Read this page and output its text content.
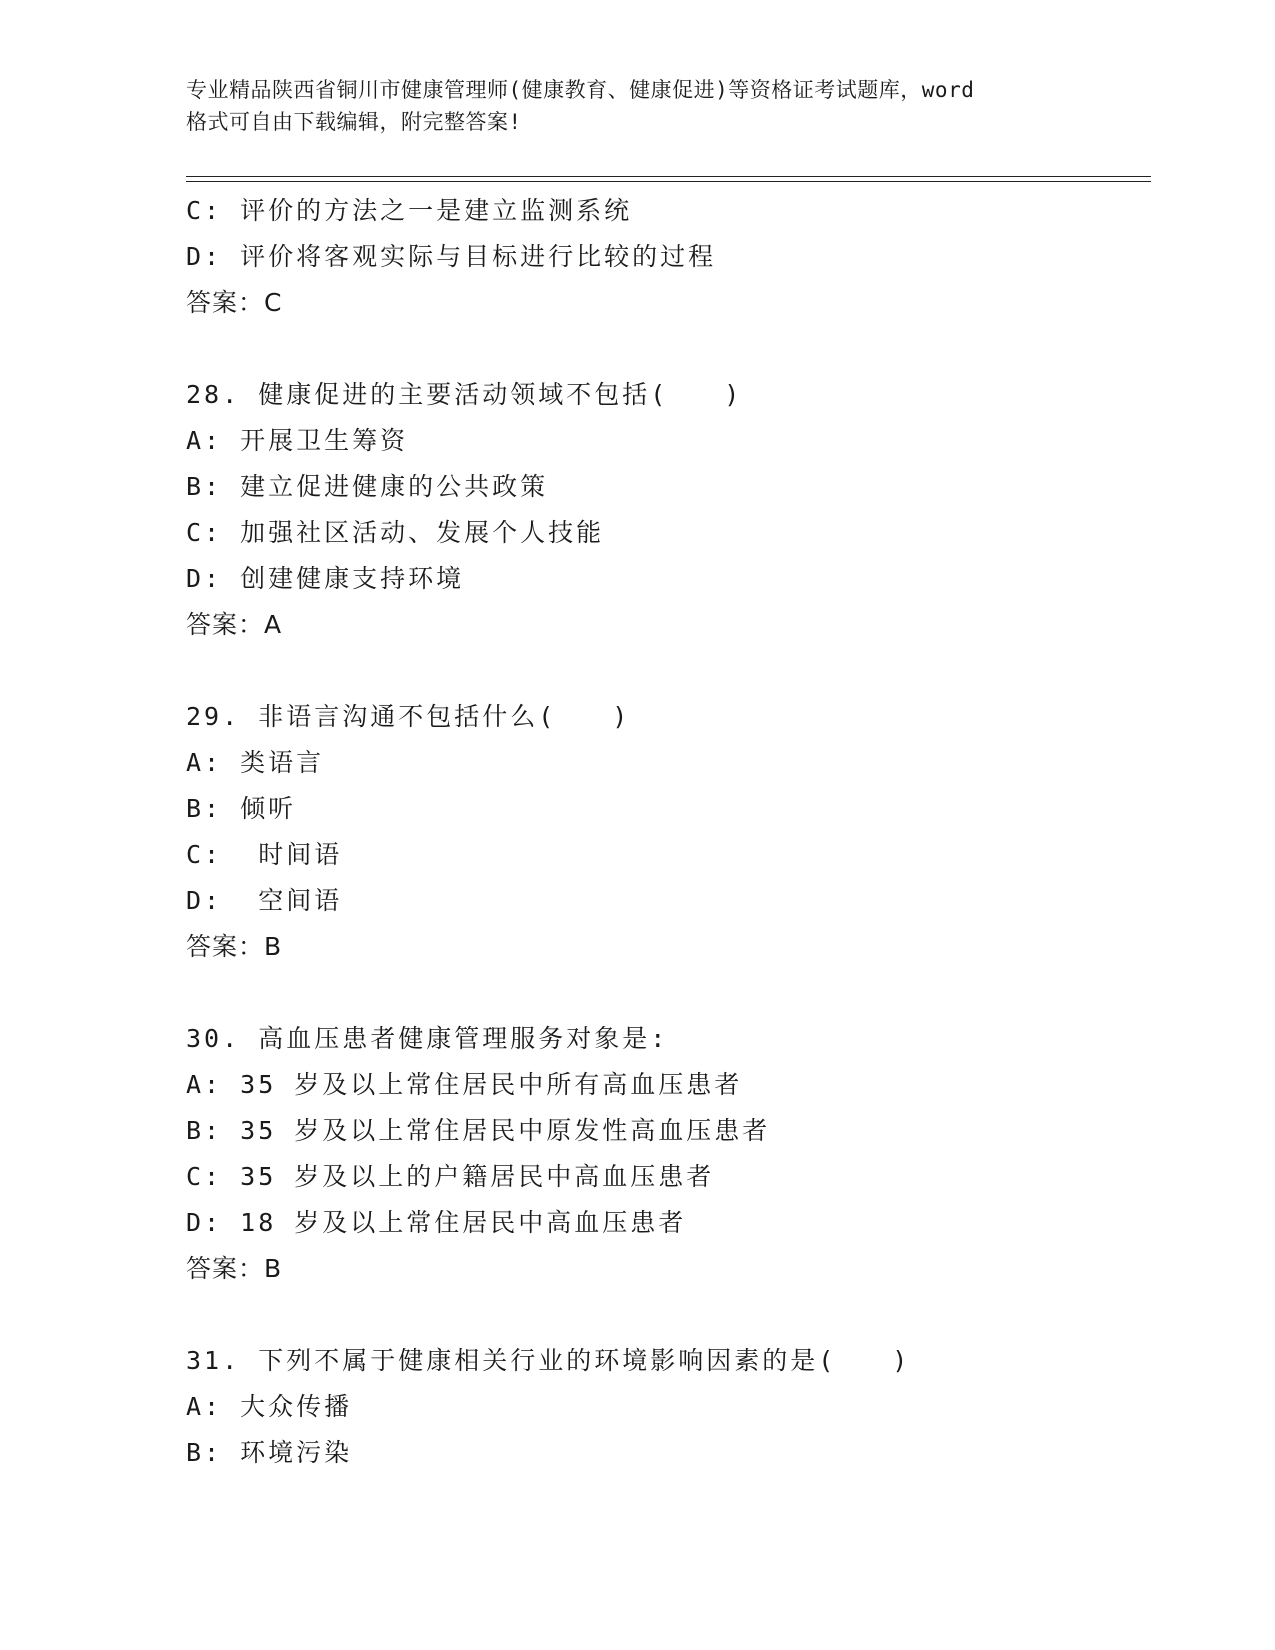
专业精品陕西省铜川市健康管理师(健康教育、健康促进)等资格证考试题库，word
格式可自由下载编辑，附完整答案!
C: 评价的方法之一是建立监测系统
D: 评价将客观实际与目标进行比较的过程
答案：C
28. 健康促进的主要活动领域不包括(　　)
A: 开展卫生筹资
B: 建立促进健康的公共政策
C: 加强社区活动、发展个人技能
D: 创建健康支持环境
答案：A
29. 非语言沟通不包括什么(　　)
A: 类语言
B: 倾听
C:  时间语
D:  空间语
答案：B
30. 高血压患者健康管理服务对象是:
A: 35 岁及以上常住居民中所有高血压患者
B: 35 岁及以上常住居民中原发性高血压患者
C: 35 岁及以上的户籍居民中高血压患者
D: 18 岁及以上常住居民中高血压患者
答案：B
31. 下列不属于健康相关行业的环境影响因素的是(　　)
A: 大众传播
B: 环境污染
